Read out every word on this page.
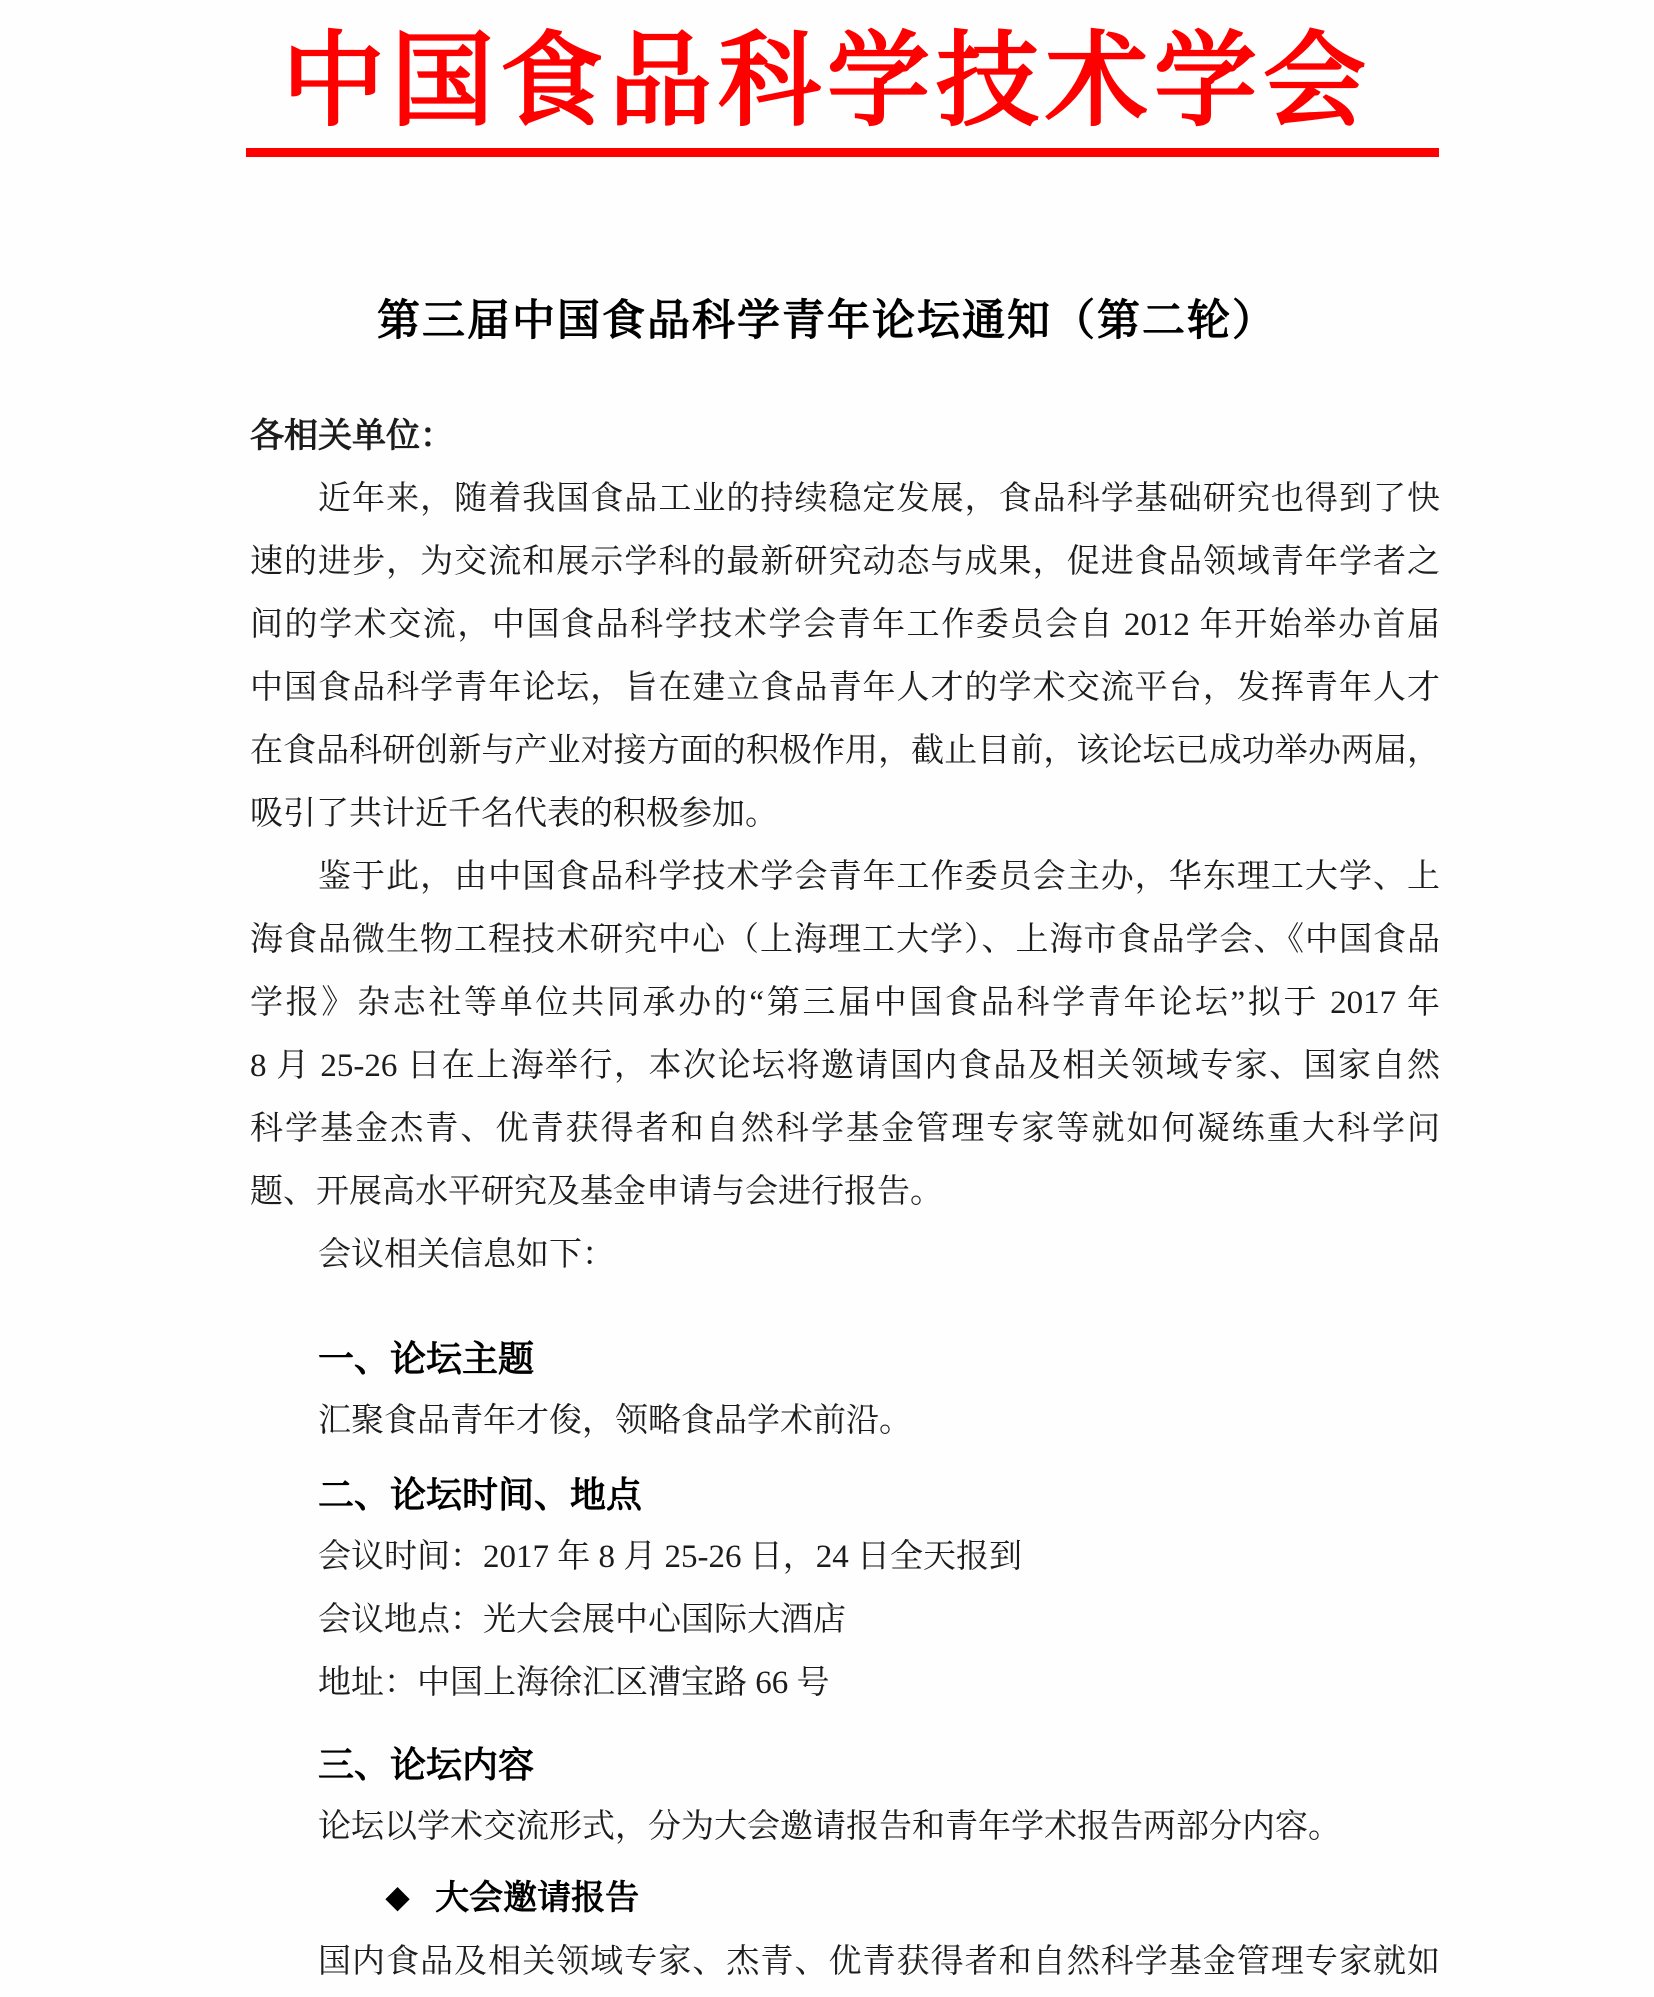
中国食品科学技术学会
第三届中国食品科学青年论坛通知（第二轮）
各相关单位：
近年来，随着我国食品工业的持续稳定发展，食品科学基础研究也得到了快
速的进步，为交流和展示学科的最新研究动态与成果，促进食品领域青年学者之
间的学术交流，中国食品科学技术学会青年工作委员会自 2012 年开始举办首届
中国食品科学青年论坛，旨在建立食品青年人才的学术交流平台，发挥青年人才
在食品科研创新与产业对接方面的积极作用，截止目前，该论坛已成功举办两届，
吸引了共计近千名代表的积极参加。
鉴于此，由中国食品科学技术学会青年工作委员会主办，华东理工大学、上
海食品微生物工程技术研究中心（上海理工大学）、上海市食品学会、《中国食品
学报》杂志社等单位共同承办的“第三届中国食品科学青年论坛”拟于 2017 年
8 月 25-26 日在上海举行，本次论坛将邀请国内食品及相关领域专家、国家自然
科学基金杰青、优青获得者和自然科学基金管理专家等就如何凝练重大科学问
题、开展高水平研究及基金申请与会进行报告。
会议相关信息如下：
一、论坛主题
汇聚食品青年才俊，领略食品学术前沿。
二、论坛时间、地点
会议时间：2017 年 8 月 25-26 日，24 日全天报到
会议地点：光大会展中心国际大酒店
地址：中国上海徐汇区漕宝路 66 号
三、论坛内容
论坛以学术交流形式，分为大会邀请报告和青年学术报告两部分内容。
◆ 大会邀请报告
国内食品及相关领域专家、杰青、优青获得者和自然科学基金管理专家就如
